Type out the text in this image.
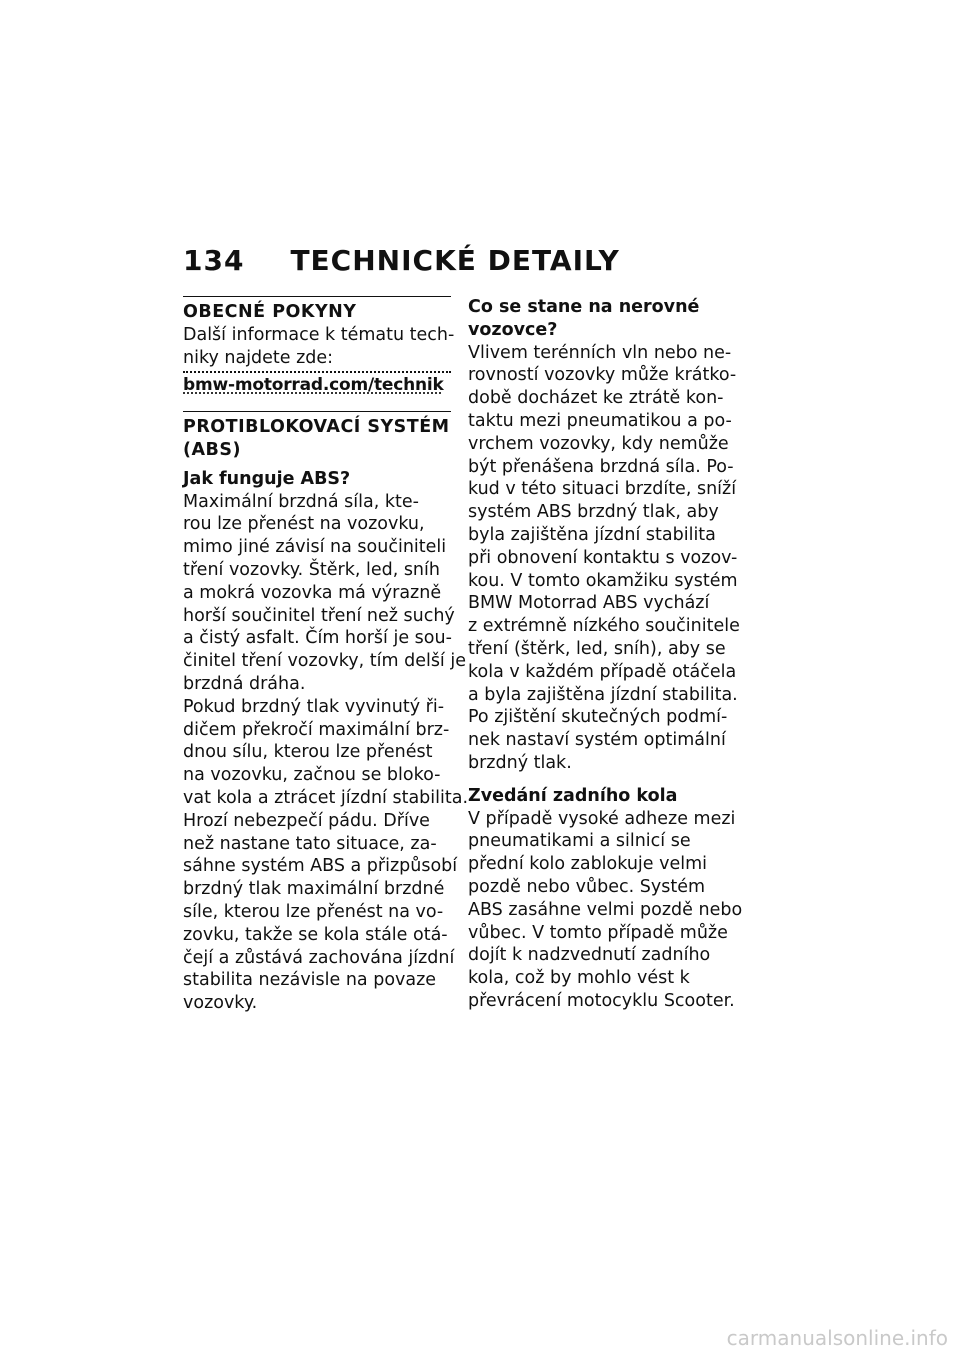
134 TECHNICKÉ DETAILY
OBECNÉ POKYNY
Další informace k tématu tech-
niky najdete zde:
bmw-motorrad.com/technik
PROTIBLOKOVACÍ SYSTÉM
(ABS)
Jak funguje ABS?
Maximální brzdná síla, kte-
rou lze přenést na vozovku,
mimo jiné závisí na součiniteli
tření vozovky. Štěrk, led, sníh
a mokrá vozovka má výrazně
horší součinitel tření než suchý
a čistý asfalt. Čím horší je sou-
činitel tření vozovky, tím delší je
brzdná dráha.
Pokud brzdný tlak vyvinutý ři-
dičem překročí maximální brz-
dnou sílu, kterou lze přenést
na vozovku, začnou se bloko-
vat kola a ztrácet jízdní stabilita.
Hrozí nebezpečí pádu. Dříve
než nastane tato situace, za-
sáhne systém ABS a přizpůsobí
brzdný tlak maximální brzdné
síle, kterou lze přenést na vo-
zovku, takže se kola stále otá-
čejí a zůstává zachována jízdní
stabilita nezávisle na povaze
vozovky.
Co se stane na nerovné
vozovce?
Vlivem terénních vln nebo ne-
rovností vozovky může krátko-
době docházet ke ztrátě kon-
taktu mezi pneumatikou a po-
vrchem vozovky, kdy nemůže
být přenášena brzdná síla. Po-
kud v této situaci brzdíte, sníží
systém ABS brzdný tlak, aby
byla zajištěna jízdní stabilita
při obnovení kontaktu s vozov-
kou. V tomto okamžiku systém
BMW Motorrad ABS vychází
z extrémně nízkého součinitele
tření (štěrk, led, sníh), aby se
kola v každém případě otáčela
a byla zajištěna jízdní stabilita.
Po zjištění skutečných podmí-
nek nastaví systém optimální
brzdný tlak.
Zvedání zadního kola
V případě vysoké adheze mezi
pneumatikami a silnicí se
přední kolo zablokuje velmi
pozdě nebo vůbec. Systém
ABS zasáhne velmi pozdě nebo
vůbec. V tomto případě může
dojít k nadzvednutí zadního
kola, což by mohlo vést k
převrácení motocyklu Scooter.
carmanualsonline.info
